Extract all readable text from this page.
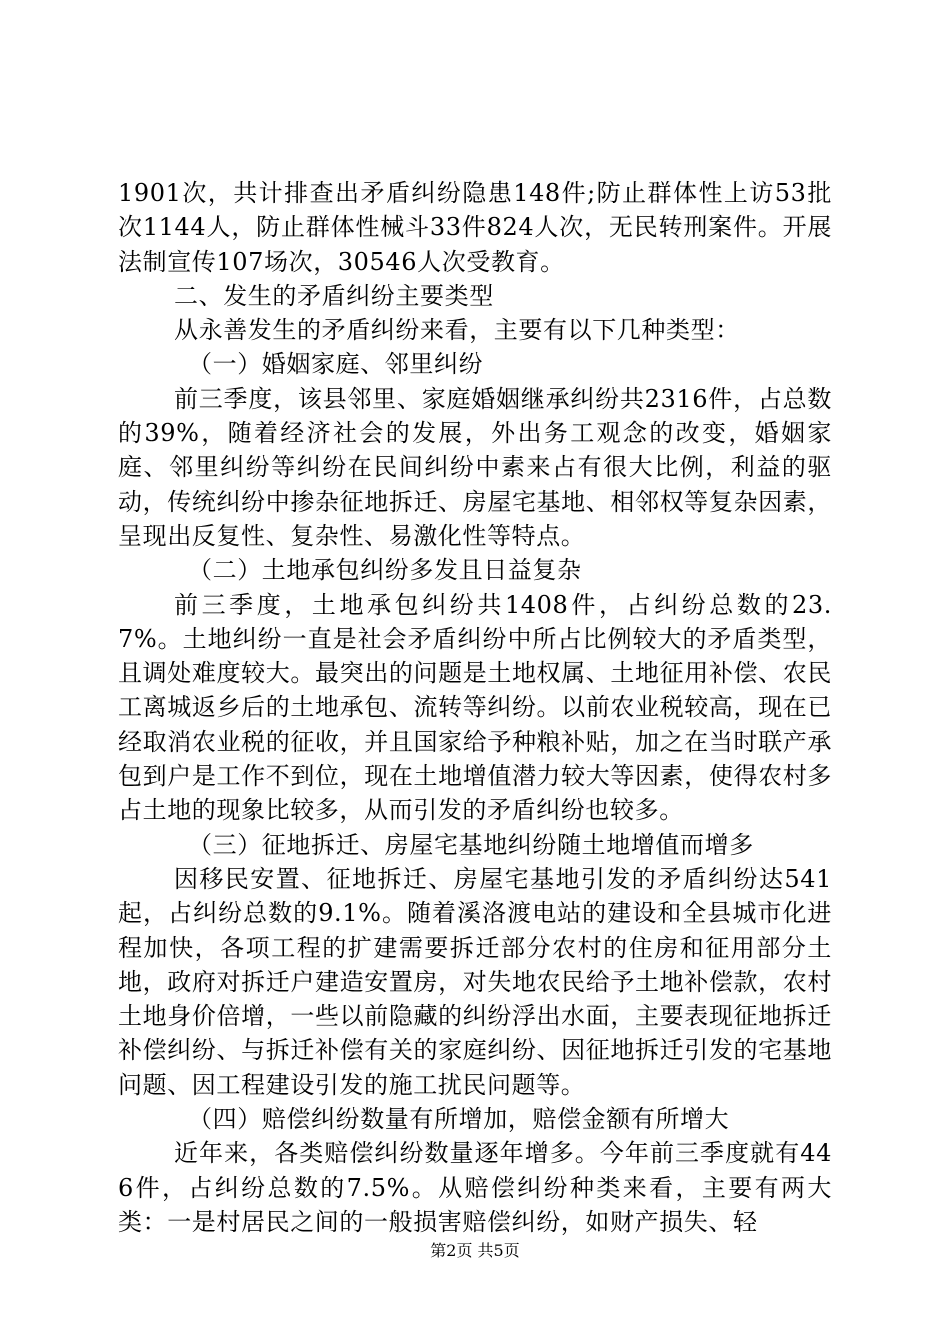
1901次，共计排查出矛盾纠纷隐患148件;防止群体性上访53批次1144人，防止群体性械斗33件824人次，无民转刑案件。开展法制宣传107场次，30546人次受教育。

二、发生的矛盾纠纷主要类型

从永善发生的矛盾纠纷来看，主要有以下几种类型：

（一）婚姻家庭、邻里纠纷

前三季度，该县邻里、家庭婚姻继承纠纷共2316件，占总数的39%，随着经济社会的发展，外出务工观念的改变，婚姻家庭、邻里纠纷等纠纷在民间纠纷中素来占有很大比例，利益的驱动，传统纠纷中掺杂征地拆迁、房屋宅基地、相邻权等复杂因素，呈现出反复性、复杂性、易激化性等特点。

（二）土地承包纠纷多发且日益复杂

前三季度，土地承包纠纷共1408件，占纠纷总数的23.7%。土地纠纷一直是社会矛盾纠纷中所占比例较大的矛盾类型，且调处难度较大。最突出的问题是土地权属、土地征用补偿、农民工离城返乡后的土地承包、流转等纠纷。以前农业税较高，现在已经取消农业税的征收，并且国家给予种粮补贴，加之在当时联产承包到户是工作不到位，现在土地增值潜力较大等因素，使得农村多占土地的现象比较多，从而引发的矛盾纠纷也较多。

（三）征地拆迁、房屋宅基地纠纷随土地增值而增多

因移民安置、征地拆迁、房屋宅基地引发的矛盾纠纷达541起，占纠纷总数的9.1%。随着溪洛渡电站的建设和全县城市化进程加快，各项工程的扩建需要拆迁部分农村的住房和征用部分土地，政府对拆迁户建造安置房，对失地农民给予土地补偿款，农村土地身价倍增，一些以前隐藏的纠纷浮出水面，主要表现征地拆迁补偿纠纷、与拆迁补偿有关的家庭纠纷、因征地拆迁引发的宅基地问题、因工程建设引发的施工扰民问题等。

（四）赔偿纠纷数量有所增加，赔偿金额有所增大

近年来，各类赔偿纠纷数量逐年增多。今年前三季度就有446件，占纠纷总数的7.5%。从赔偿纠纷种类来看，主要有两大类：一是村居民之间的一般损害赔偿纠纷，如财产损失、轻

第2页 共5页
